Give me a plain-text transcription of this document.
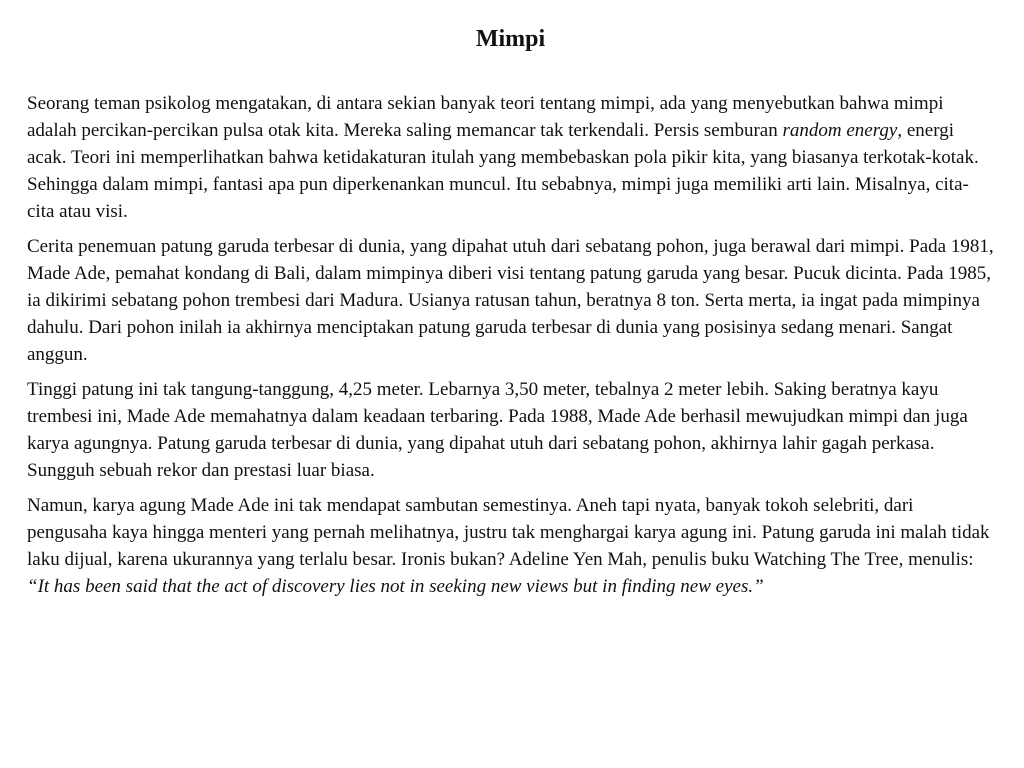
Mimpi

Seorang teman psikolog mengatakan, di antara sekian banyak teori tentang mimpi, ada yang menyebutkan bahwa mimpi adalah percikan-percikan pulsa otak kita. Mereka saling memancar tak terkendali. Persis semburan random energy, energi acak. Teori ini memperlihatkan bahwa ketidakaturan itulah yang membebaskan pola pikir kita, yang biasanya terkotak-kotak. Sehingga dalam mimpi, fantasi apa pun diperkenankan muncul. Itu sebabnya, mimpi juga memiliki arti lain. Misalnya, cita-cita atau visi.

Cerita penemuan patung garuda terbesar di dunia, yang dipahat utuh dari sebatang pohon, juga berawal dari mimpi. Pada 1981, Made Ade, pemahat kondang di Bali, dalam mimpinya diberi visi tentang patung garuda yang besar. Pucuk dicinta. Pada 1985, ia dikirimi sebatang pohon trembesi dari Madura. Usianya ratusan tahun, beratnya 8 ton. Serta merta, ia ingat pada mimpinya dahulu. Dari pohon inilah ia akhirnya menciptakan patung garuda terbesar di dunia yang posisinya sedang menari. Sangat anggun.

Tinggi patung ini tak tangung-tanggung, 4,25 meter. Lebarnya 3,50 meter, tebalnya 2 meter lebih. Saking beratnya kayu trembesi ini, Made Ade memahatnya dalam keadaan terbaring. Pada 1988, Made Ade berhasil mewujudkan mimpi dan juga karya agungnya. Patung garuda terbesar di dunia, yang dipahat utuh dari sebatang pohon, akhirnya lahir gagah perkasa. Sungguh sebuah rekor dan prestasi luar biasa.

Namun, karya agung Made Ade ini tak mendapat sambutan semestinya. Aneh tapi nyata, banyak tokoh selebriti, dari pengusaha kaya hingga menteri yang pernah melihatnya, justru tak menghargai karya agung ini. Patung garuda ini malah tidak laku dijual, karena ukurannya yang terlalu besar. Ironis bukan? Adeline Yen Mah, penulis buku Watching The Tree, menulis: “It has been said that the act of discovery lies not in seeking new views but in finding new eyes.”
